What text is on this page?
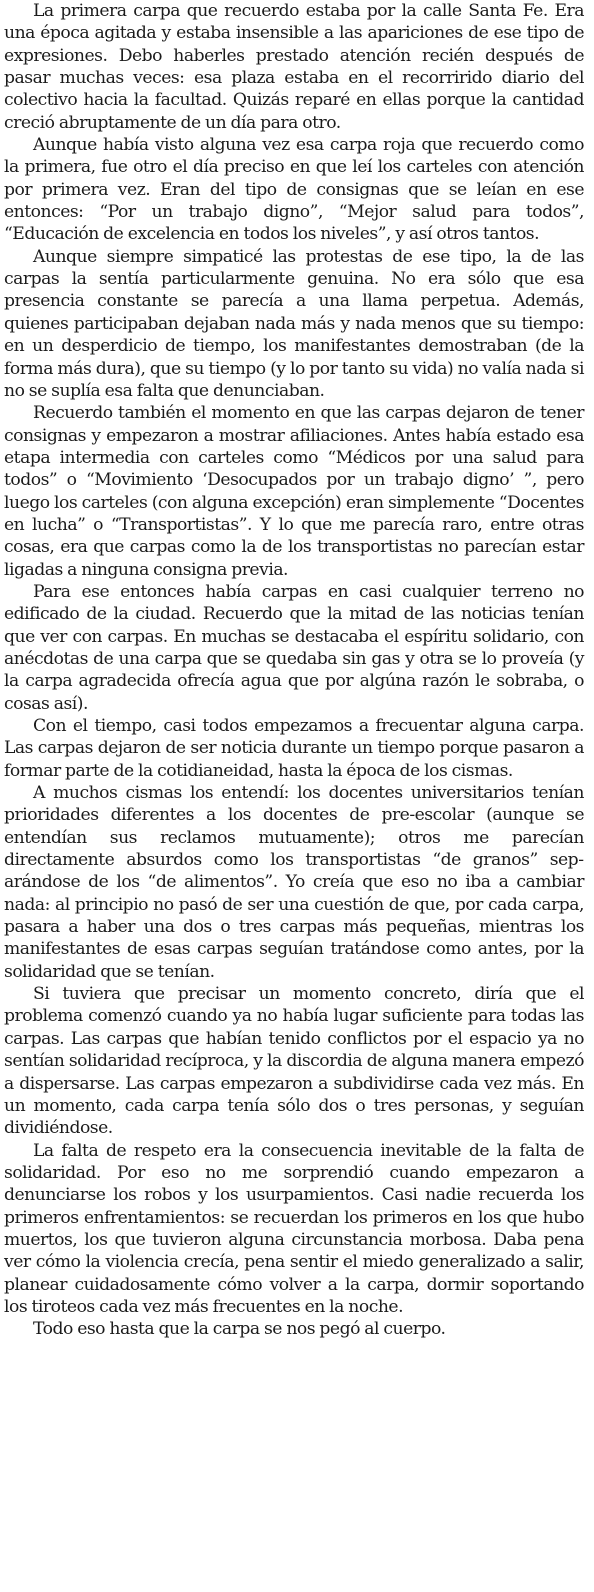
La primera carpa que recuerdo estaba por la calle Santa Fe. Era una época agitada y estaba insensible a las apariciones de ese tipo de expresiones. Debo haberles prestado atención recién después de pasar muchas veces: esa plaza estaba en el recorrirido diario del colectivo hacia la facultad. Quizás reparé en ellas porque la cantidad creció abruptamente de un día para otro.

Aunque había visto alguna vez esa carpa roja que recuerdo como la primera, fue otro el día preciso en que leí los carteles con atención por primera vez. Eran del tipo de consignas que se leían en ese entonces: “Por un trabajo digno”, “Mejor salud para todos”, “Educación de excelencia en todos los niveles”, y así otros tantos.

Aunque siempre simpaticé las protestas de ese tipo, la de las carpas la sentía particularmente genuina. No era sólo que esa presencia constante se parecía a una llama perpetua. Además, quienes participaban dejaban nada más y nada menos que su tiempo: en un desperdicio de tiempo, los manifestantes demostraban (de la forma más dura), que su tiempo (y lo por tanto su vida) no valía nada si no se suplía esa falta que denunciaban.

Recuerdo también el momento en que las carpas dejaron de tener consignas y empezaron a mostrar afiliaciones. Antes había estado esa etapa intermedia con carteles como “Médicos por una salud para todos” o “Movimiento ‘Desocupados por un trabajo digno’ ”, pero luego los carteles (con alguna excepción) eran simplemente “Docentes en lucha” o “Transportistas”. Y lo que me parecía raro, entre otras cosas, era que carpas como la de los transportistas no parecían estar ligadas a ninguna consigna previa.

Para ese entonces había carpas en casi cualquier terreno no edificado de la ciudad. Recuerdo que la mitad de las noticias tenían que ver con carpas. En muchas se destacaba el espíritu solidario, con anécdotas de una carpa que se quedaba sin gas y otra se lo proveía (y la carpa agradecida ofrecía agua que por algúna razón le sobraba, o cosas así).

Con el tiempo, casi todos empezamos a frecuentar alguna carpa. Las carpas dejaron de ser noticia durante un tiempo porque pasaron a formar parte de la cotidianeidad, hasta la época de los cismas.

A muchos cismas los entendí: los docentes universitarios tenían prioridades diferentes a los docentes de pre-escolar (aunque se entendían sus reclamos mutuamente); otros me parecían directamente absurdos como los transportistas “de granos” separándose de los “de alimentos”. Yo creía que eso no iba a cambiar nada: al principio no pasó de ser una cuestión de que, por cada carpa, pasara a haber una dos o tres carpas más pequeñas, mientras los manifestantes de esas carpas seguían tratándose como antes, por la solidaridad que se tenían.

Si tuviera que precisar un momento concreto, diría que el problema comenzó cuando ya no había lugar suficiente para todas las carpas. Las carpas que habían tenido conflictos por el espacio ya no sentían solidaridad recíproca, y la discordia de alguna manera empezó a dispersarse. Las carpas empezaron a subdividirse cada vez más. En un momento, cada carpa tenía sólo dos o tres personas, y seguían dividiéndose.

La falta de respeto era la consecuencia inevitable de la falta de solidaridad. Por eso no me sorprendió cuando empezaron a denunciarse los robos y los usurpamientos. Casi nadie recuerda los primeros enfrentamientos: se recuerdan los primeros en los que hubo muertos, los que tuvieron alguna circunstancia morbosa. Daba pena ver cómo la violencia crecía, pena sentir el miedo generalizado a salir, planear cuidadosamente cómo volver a la carpa, dormir soportando los tiroteos cada vez más frecuentes en la noche.

Todo eso hasta que la carpa se nos pegó al cuerpo.
